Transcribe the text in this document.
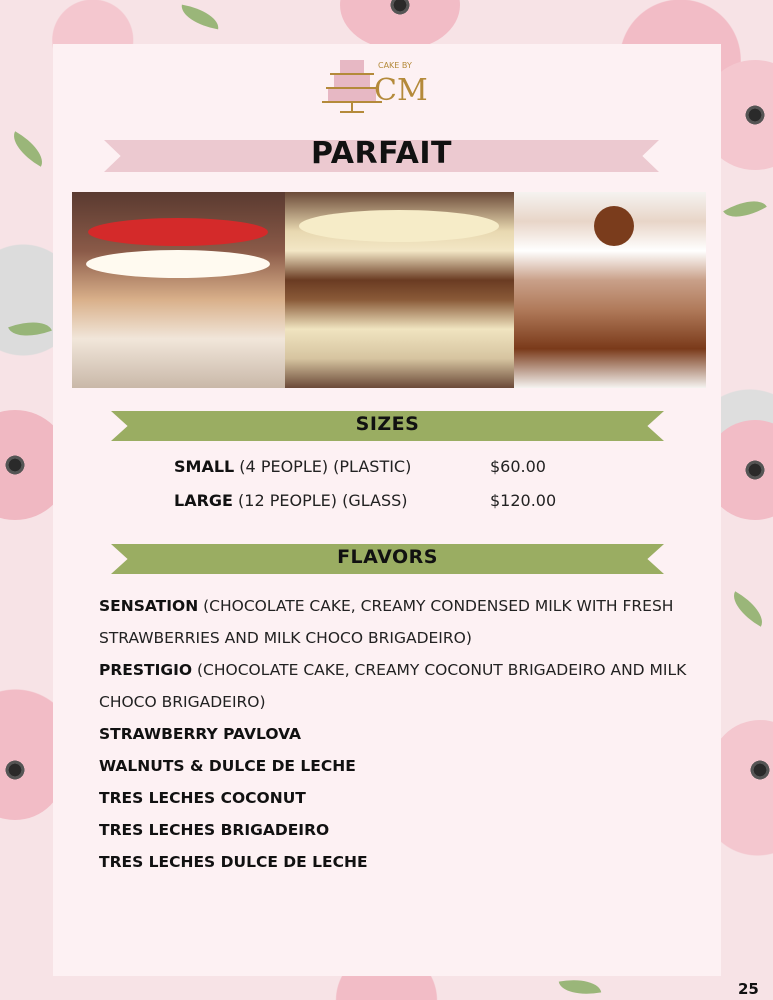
CAKE BY
CM
PARFAIT
SIZES
SMALL (4 PEOPLE) (PLASTIC)	$60.00
LARGE (12 PEOPLE) (GLASS)	$120.00
FLAVORS
SENSATION (CHOCOLATE CAKE, CREAMY CONDENSED MILK WITH FRESH STRAWBERRIES AND MILK CHOCO BRIGADEIRO)
PRESTIGIO (CHOCOLATE CAKE, CREAMY COCONUT BRIGADEIRO AND MILK CHOCO BRIGADEIRO)
STRAWBERRY PAVLOVA
WALNUTS & DULCE DE LECHE
TRES LECHES COCONUT
TRES LECHES BRIGADEIRO
TRES LECHES DULCE DE LECHE
25
